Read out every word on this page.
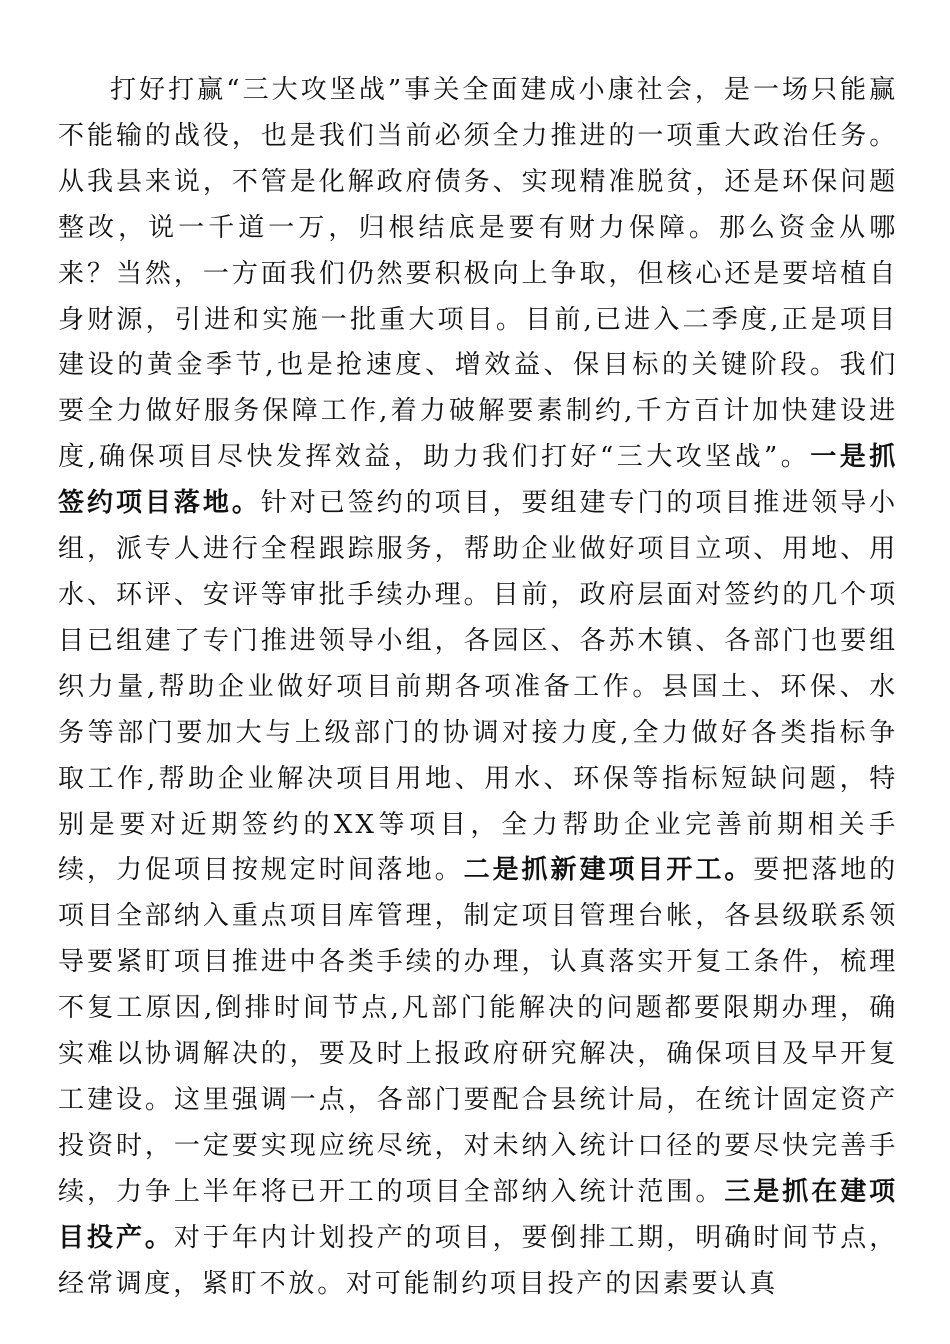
打好打赢“三大攻坚战”事关全面建成小康社会，是一场只能赢不能输的战役，也是我们当前必须全力推进的一项重大政治任务。从我县来说，不管是化解政府债务、实现精准脱贫，还是环保问题整改，说一千道一万，归根结底是要有财力保障。那么资金从哪来？当然，一方面我们仍然要积极向上争取，但核心还是要培植自身财源，引进和实施一批重大项目。目前,已进入二季度,正是项目建设的黄金季节,也是抢速度、增效益、保目标的关键阶段。我们要全力做好服务保障工作,着力破解要素制约,千方百计加快建设进度,确保项目尽快发挥效益，助力我们打好“三大攻坚战”。一是抓签约项目落地。针对已签约的项目，要组建专门的项目推进领导小组，派专人进行全程跟踪服务，帮助企业做好项目立项、用地、用水、环评、安评等审批手续办理。目前，政府层面对签约的几个项目已组建了专门推进领导小组，各园区、各苏木镇、各部门也要组织力量,帮助企业做好项目前期各项准备工作。县国土、环保、水务等部门要加大与上级部门的协调对接力度,全力做好各类指标争取工作,帮助企业解决项目用地、用水、环保等指标短缺问题，特别是要对近期签约的XX等项目，全力帮助企业完善前期相关手续，力促项目按规定时间落地。二是抓新建项目开工。要把落地的项目全部纳入重点项目库管理，制定项目管理台帐，各县级联系领导要紧盯项目推进中各类手续的办理，认真落实开复工条件，梳理不复工原因,倒排时间节点,凡部门能解决的问题都要限期办理，确实难以协调解决的，要及时上报政府研究解决，确保项目及早开复工建设。这里强调一点，各部门要配合县统计局，在统计固定资产投资时，一定要实现应统尽统，对未纳入统计口径的要尽快完善手续，力争上半年将已开工的项目全部纳入统计范围。三是抓在建项目投产。对于年内计划投产的项目，要倒排工期，明确时间节点，经常调度，紧盯不放。对可能制约项目投产的因素要认真
